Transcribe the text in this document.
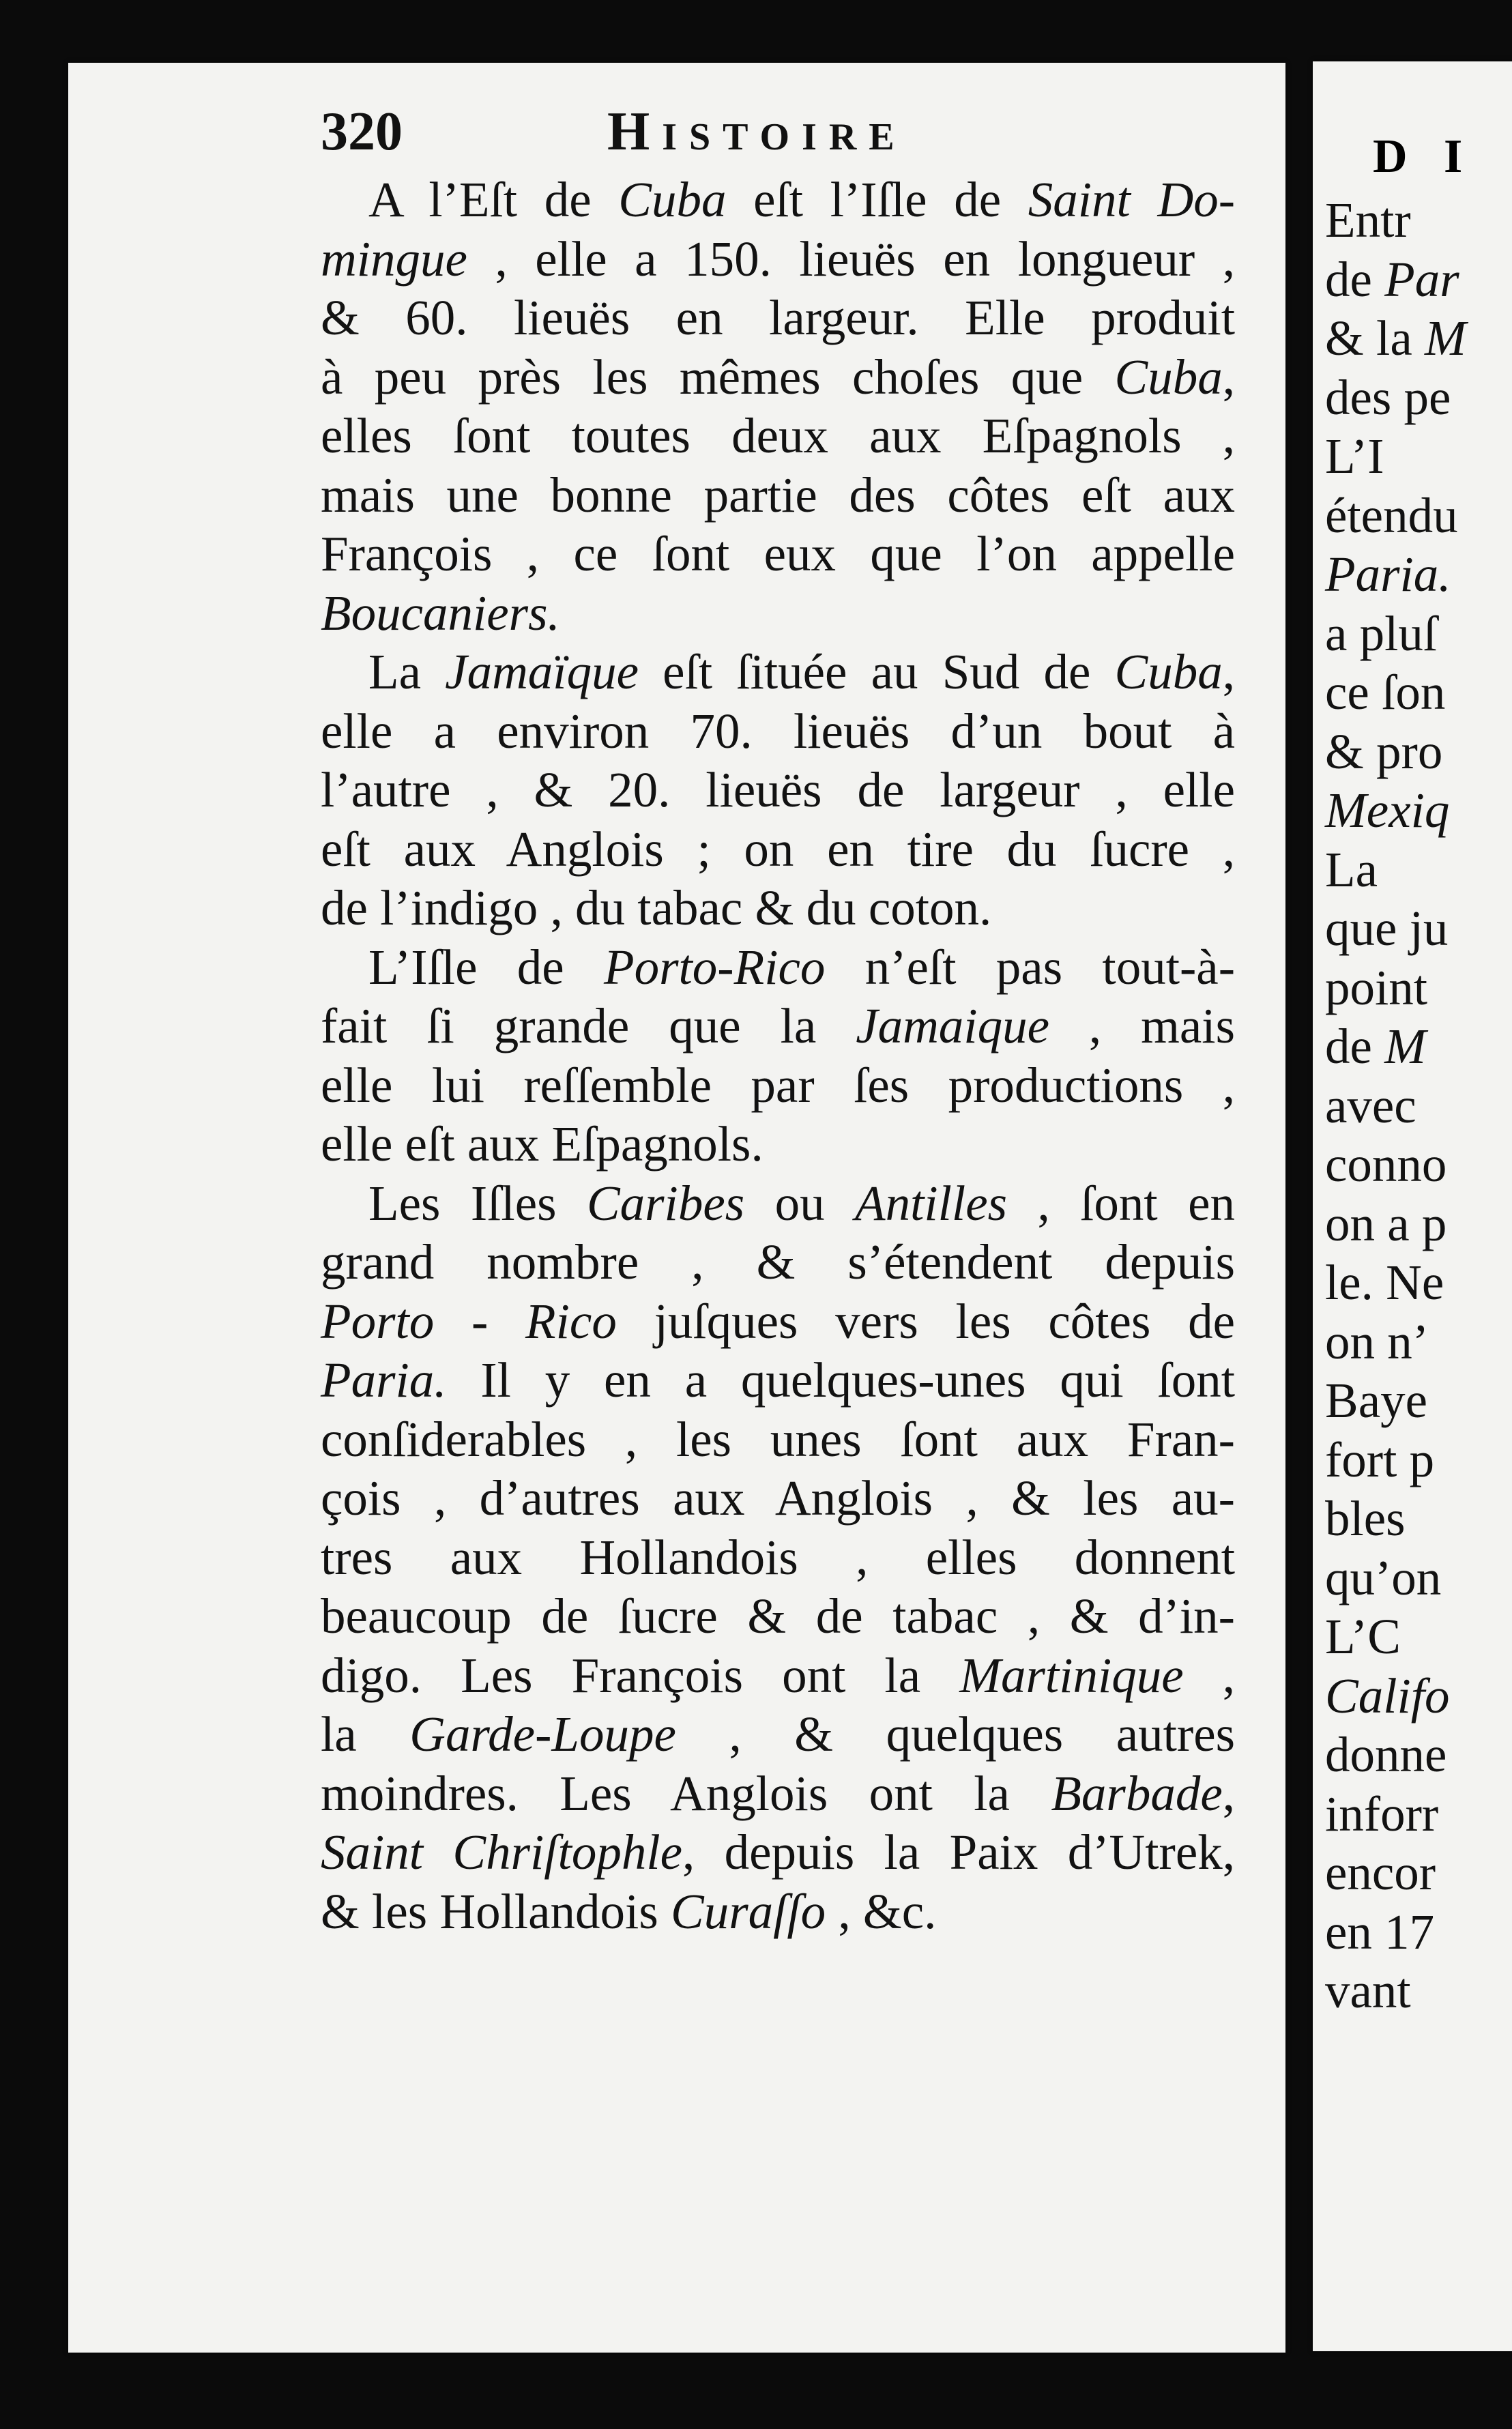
D I
Entr
de Par
& la M
des pe
L’I
étendu
Paria.
a pluſ
ce ſon
& pro
Mexiq
La
que ju
point
de M
avec
conno
on a p
le. Ne
on n’
Baye
fort p
bles
qu’on
L’C
Califo
donne
inforr
encor
en 17
vant
320	Histoire
A l’Eſt de Cuba eſt l’Iſle de Saint Do-
mingue , elle a 150. lieuës en longueur ,
& 60. lieuës en largeur. Elle produit
à peu près les mêmes choſes que Cuba,
elles ſont toutes deux aux Eſpagnols ,
mais une bonne partie des côtes eſt aux
François , ce ſont eux que l’on appelle
Boucaniers.
La Jamaïque eſt ſituée au Sud de Cuba,
elle a environ 70. lieuës d’un bout à
l’autre , & 20. lieuës de largeur , elle
eſt aux Anglois ; on en tire du ſucre ,
de l’indigo , du tabac & du coton.
L’Iſle de Porto-Rico n’eſt pas tout-à-
fait ſi grande que la Jamaique , mais
elle lui reſſemble par ſes productions ,
elle eſt aux Eſpagnols.
Les Iſles Caribes ou Antilles , ſont en
grand nombre , & s’étendent depuis
Porto - Rico juſques vers les côtes de
Paria. Il y en a quelques-unes qui ſont
conſiderables , les unes ſont aux Fran-
çois , d’autres aux Anglois , & les au-
tres aux Hollandois , elles donnent
beaucoup de ſucre & de tabac , & d’in-
digo. Les François ont la Martinique ,
la Garde-Loupe , & quelques autres
moindres. Les Anglois ont la Barbade,
Saint Chriſtophle, depuis la Paix d’Utrek,
& les Hollandois Curaſſo , &c.
